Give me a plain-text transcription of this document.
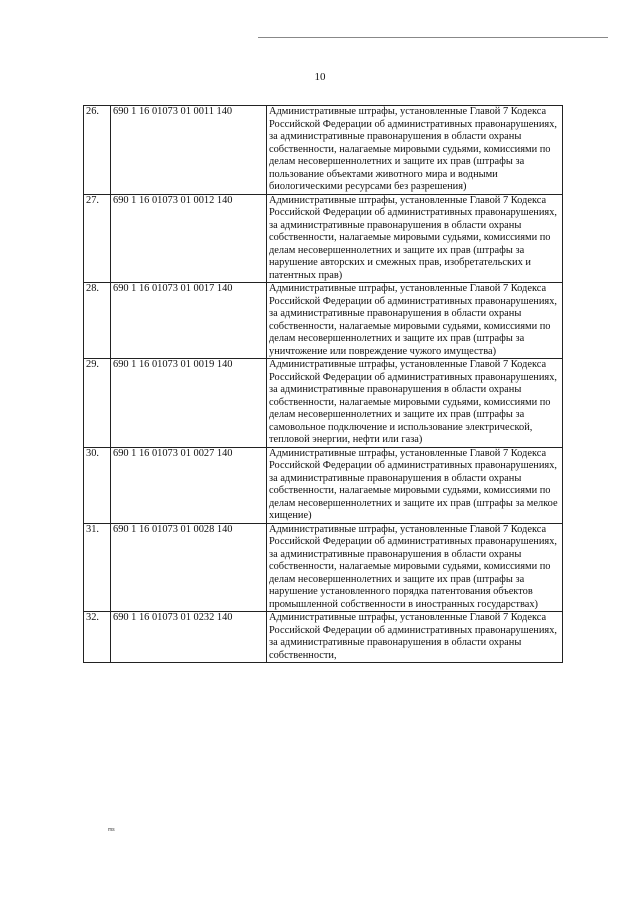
10
26.	690 1 16 01073 01 0011 140	Административные штрафы, установленные Главой 7 Кодекса Российской Федерации об административных правонарушениях, за административные правонарушения в области охраны собственности, налагаемые мировыми судьями, комиссиями по делам несовершеннолетних и защите их прав (штрафы за пользование объектами животного мира и водными биологическими ресурсами без разрешения)
27.	690 1 16 01073 01 0012 140	Административные штрафы, установленные Главой 7 Кодекса Российской Федерации об административных правонарушениях, за административные правонарушения в области охраны собственности, налагаемые мировыми судьями, комиссиями по делам несовершеннолетних и защите их прав (штрафы за нарушение авторских и смежных прав, изобретательских и патентных прав)
28.	690 1 16 01073 01 0017 140	Административные штрафы, установленные Главой 7 Кодекса Российской Федерации об административных правонарушениях, за административные правонарушения в области охраны собственности, налагаемые мировыми судьями, комиссиями по делам несовершеннолетних и защите их прав (штрафы за уничтожение или повреждение чужого имущества)
29.	690 1 16 01073 01 0019 140	Административные штрафы, установленные Главой 7 Кодекса Российской Федерации об административных правонарушениях, за административные правонарушения в области охраны собственности, налагаемые мировыми судьями, комиссиями по делам несовершеннолетних и защите их прав (штрафы за самовольное подключение и использование электрической, тепловой энергии, нефти или газа)
30.	690 1 16 01073 01 0027 140	Административные штрафы, установленные Главой 7 Кодекса Российской Федерации об административных правонарушениях, за административные правонарушения в области охраны собственности, налагаемые мировыми судьями, комиссиями по делам несовершеннолетних и защите их прав (штрафы за мелкое хищение)
31.	690 1 16 01073 01 0028 140	Административные штрафы, установленные Главой 7 Кодекса Российской Федерации об административных правонарушениях, за административные правонарушения в области охраны собственности, налагаемые мировыми судьями, комиссиями по делам несовершеннолетних и защите их прав (штрафы за нарушение установленного порядка патентования объектов промышленной собственности в иностранных государствах)
32.	690 1 16 01073 01 0232 140	Административные штрафы, установленные Главой 7 Кодекса Российской Федерации об административных правонарушениях, за административные правонарушения в области охраны собственности,
ms
